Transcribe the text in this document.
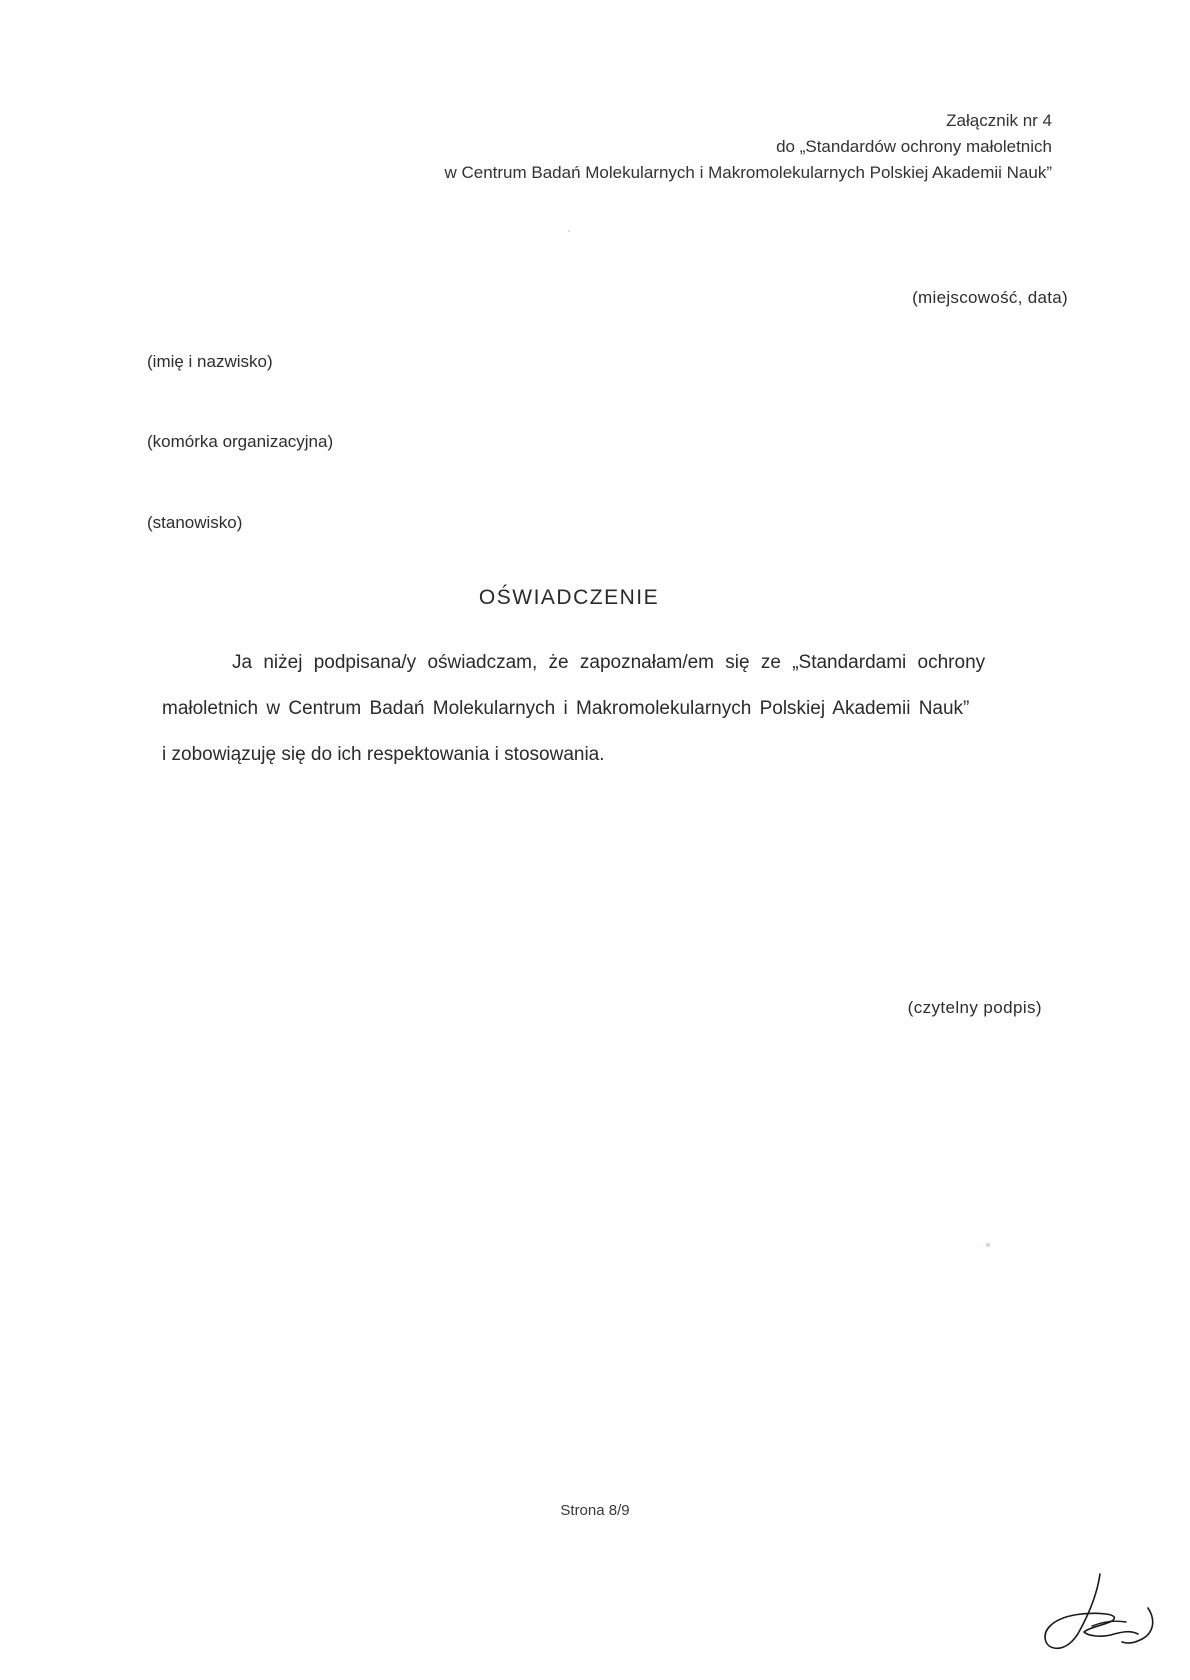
Załącznik nr 4
do „Standardów ochrony małoletnich
w Centrum Badań Molekularnych i Makromolekularnych Polskiej Akademii Nauk”
(miejscowość, data)
(imię i nazwisko)
(komórka organizacyjna)
(stanowisko)
OŚWIADCZENIE
Ja niżej podpisana/y oświadczam, że zapoznałam/em się ze „Standardami ochrony
małoletnich w Centrum Badań Molekularnych i Makromolekularnych Polskiej Akademii Nauk”
i zobowiązuję się do ich respektowania i stosowania.
(czytelny podpis)
Strona 8/9
